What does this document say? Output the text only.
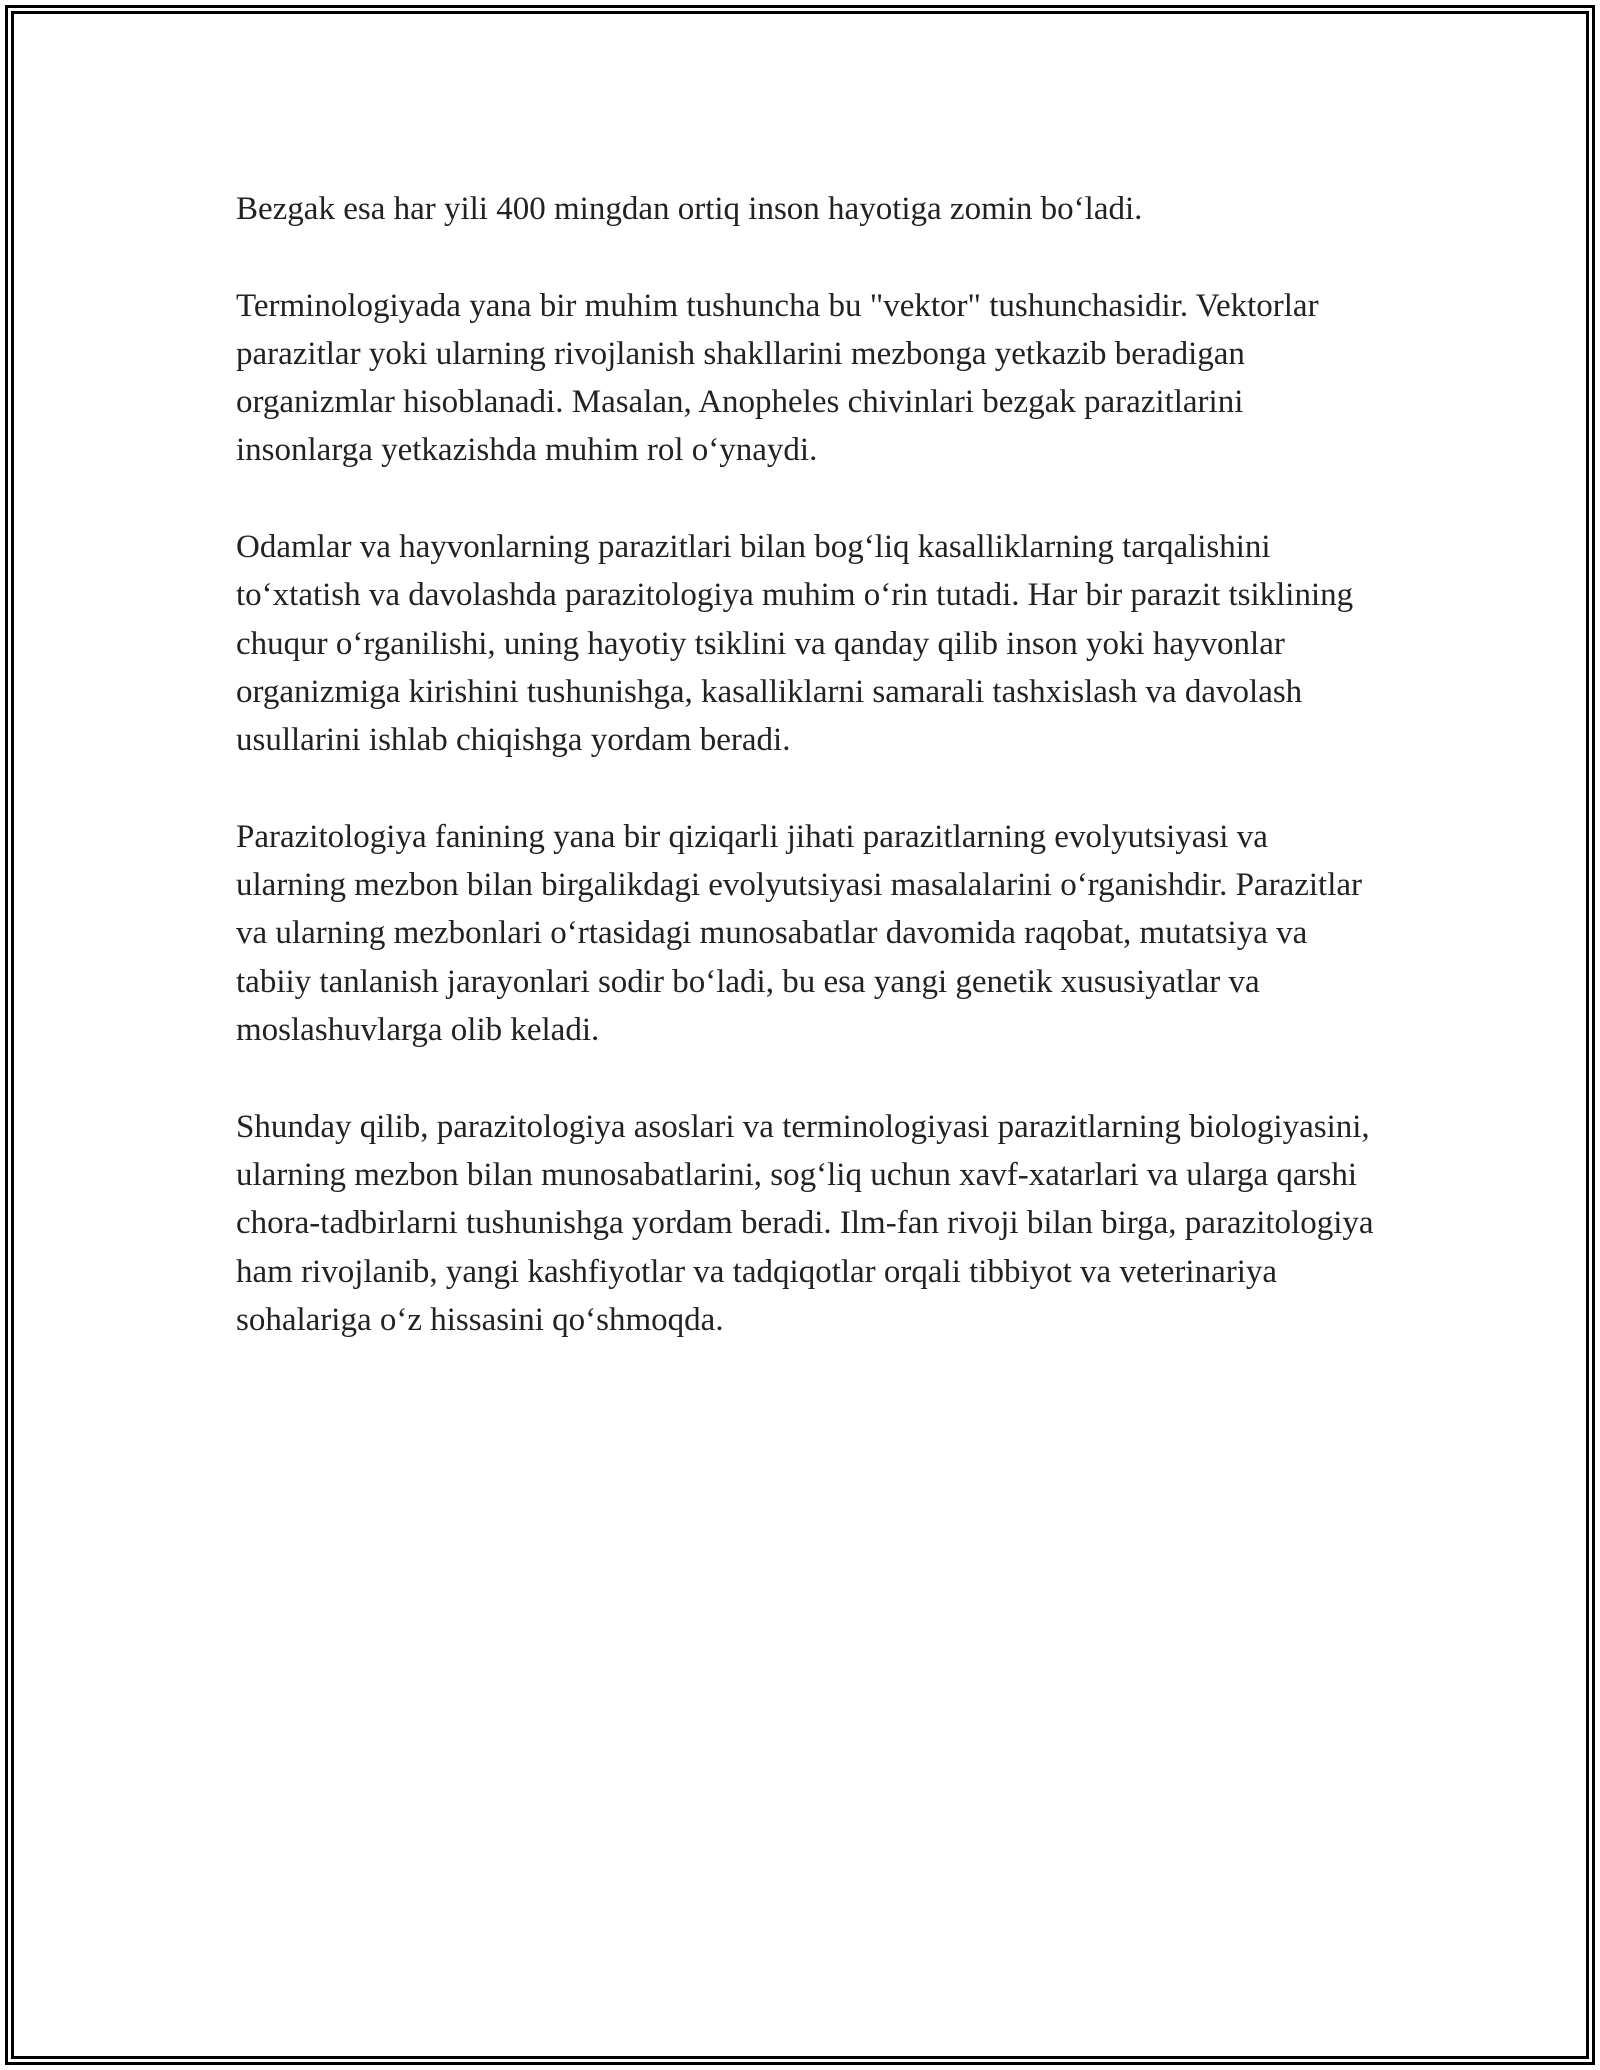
Bezgak esa har yili 400 mingdan ortiq inson hayotiga zomin bo‘ladi.

Terminologiyada yana bir muhim tushuncha bu "vektor" tushunchasidir. Vektorlar parazitlar yoki ularning rivojlanish shakllarini mezbonga yetkazib beradigan organizmlar hisoblanadi. Masalan, Anopheles chivinlari bezgak parazitlarini insonlarga yetkazishda muhim rol o‘ynaydi.

Odamlar va hayvonlarning parazitlari bilan bog‘liq kasalliklarning tarqalishini to‘xtatish va davolashda parazitologiya muhim o‘rin tutadi. Har bir parazit tsiklining chuqur o‘rganilishi, uning hayotiy tsiklini va qanday qilib inson yoki hayvonlar organizmiga kirishini tushunishga, kasalliklarni samarali tashxislash va davolash usullarini ishlab chiqishga yordam beradi.

Parazitologiya fanining yana bir qiziqarli jihati parazitlarning evolyutsiyasi va ularning mezbon bilan birgalikdagi evolyutsiyasi masalalarini o‘rganishdir. Parazitlar va ularning mezbonlari o‘rtasidagi munosabatlar davomida raqobat, mutatsiya va tabiiy tanlanish jarayonlari sodir bo‘ladi, bu esa yangi genetik xususiyatlar va moslashuvlarga olib keladi.

Shunday qilib, parazitologiya asoslari va terminologiyasi parazitlarning biologiyasini, ularning mezbon bilan munosabatlarini, sog‘liq uchun xavf-xatarlari va ularga qarshi chora-tadbirlarni tushunishga yordam beradi. Ilm-fan rivoji bilan birga, parazitologiya ham rivojlanib, yangi kashfiyotlar va tadqiqotlar orqali tibbiyot va veterinariya sohalariga o‘z hissasini qo‘shmoqda.
